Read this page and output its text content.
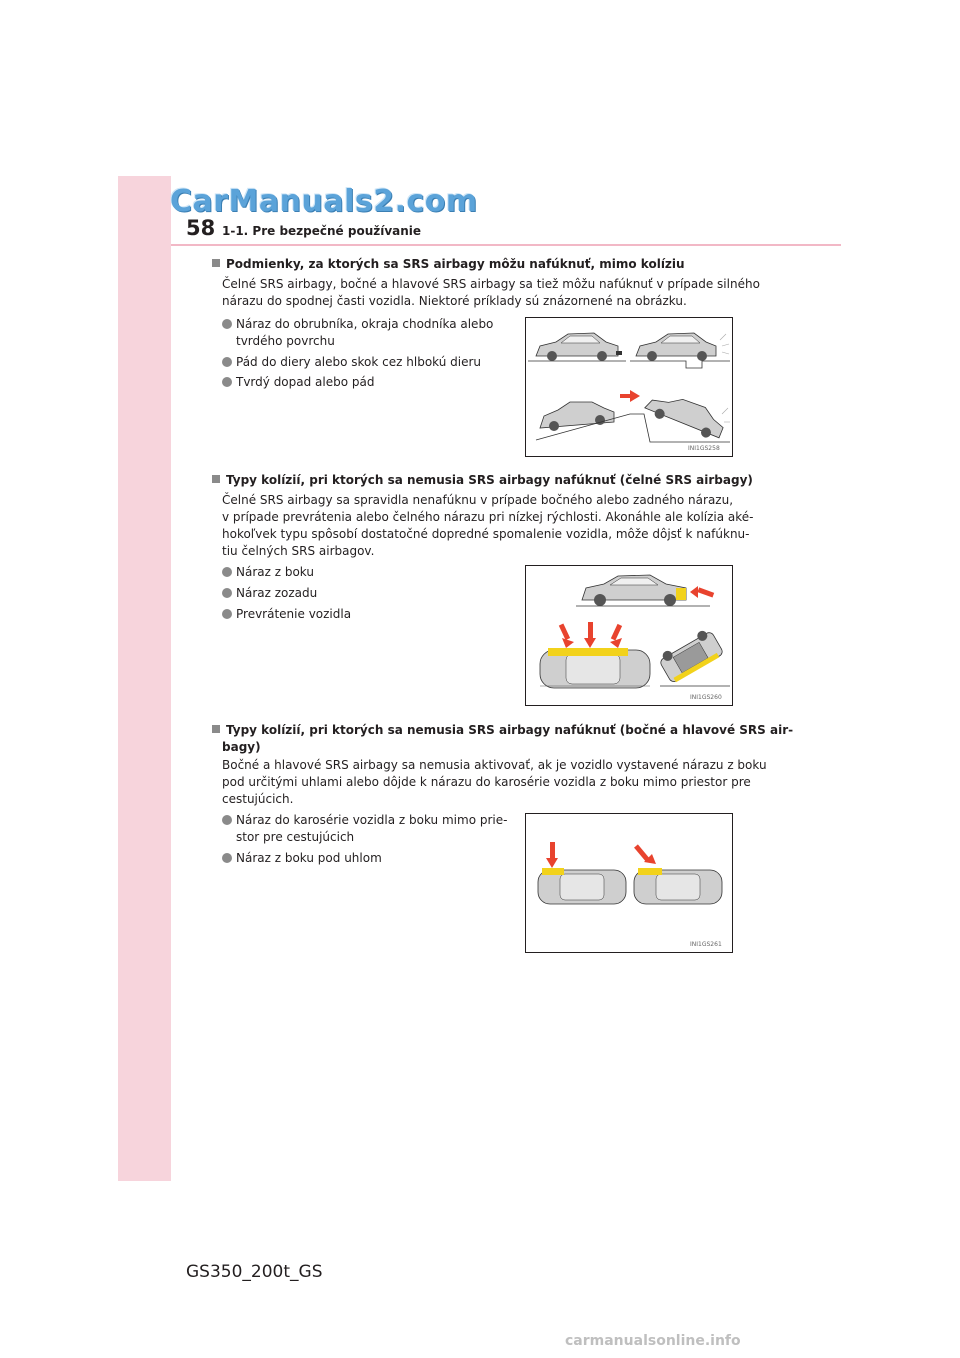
CarManuals2.com
58 1-1. Pre bezpečné používanie
Podmienky, za ktorých sa SRS airbagy môžu nafúknuť, mimo kolíziu
Čelné SRS airbagy, bočné a hlavové SRS airbagy sa tiež môžu nafúknuť v prípade silného
nárazu do spodnej časti vozidla. Niektoré príklady sú znázornené na obrázku.
Náraz do obrubníka, okraja chodníka alebo
tvrdého povrchu
Pád do diery alebo skok cez hlbokú dieru
Tvrdý dopad alebo pád
INI1GS258
Typy kolízií, pri ktorých sa nemusia SRS airbagy nafúknuť (čelné SRS airbagy)
Čelné SRS airbagy sa spravidla nenafúknu v prípade bočného alebo zadného nárazu,
v prípade prevrátenia alebo čelného nárazu pri nízkej rýchlosti. Akonáhle ale kolízia aké-
hokoľvek typu spôsobí dostatočné dopredné spomalenie vozidla, môže dôjsť k nafúknu-
tiu čelných SRS airbagov.
Náraz z boku
Náraz zozadu
Prevrátenie vozidla
INI1GS260
Typy kolízií, pri ktorých sa nemusia SRS airbagy nafúknuť (bočné a hlavové SRS air-
bagy)
Bočné a hlavové SRS airbagy sa nemusia aktivovať, ak je vozidlo vystavené nárazu z boku
pod určitými uhlami alebo dôjde k nárazu do karosérie vozidla z boku mimo priestor pre
cestujúcich.
Náraz do karosérie vozidla z boku mimo prie-
stor pre cestujúcich
Náraz z boku pod uhlom
INI1GS261
GS350_200t_GS
carmanualsonline.info
